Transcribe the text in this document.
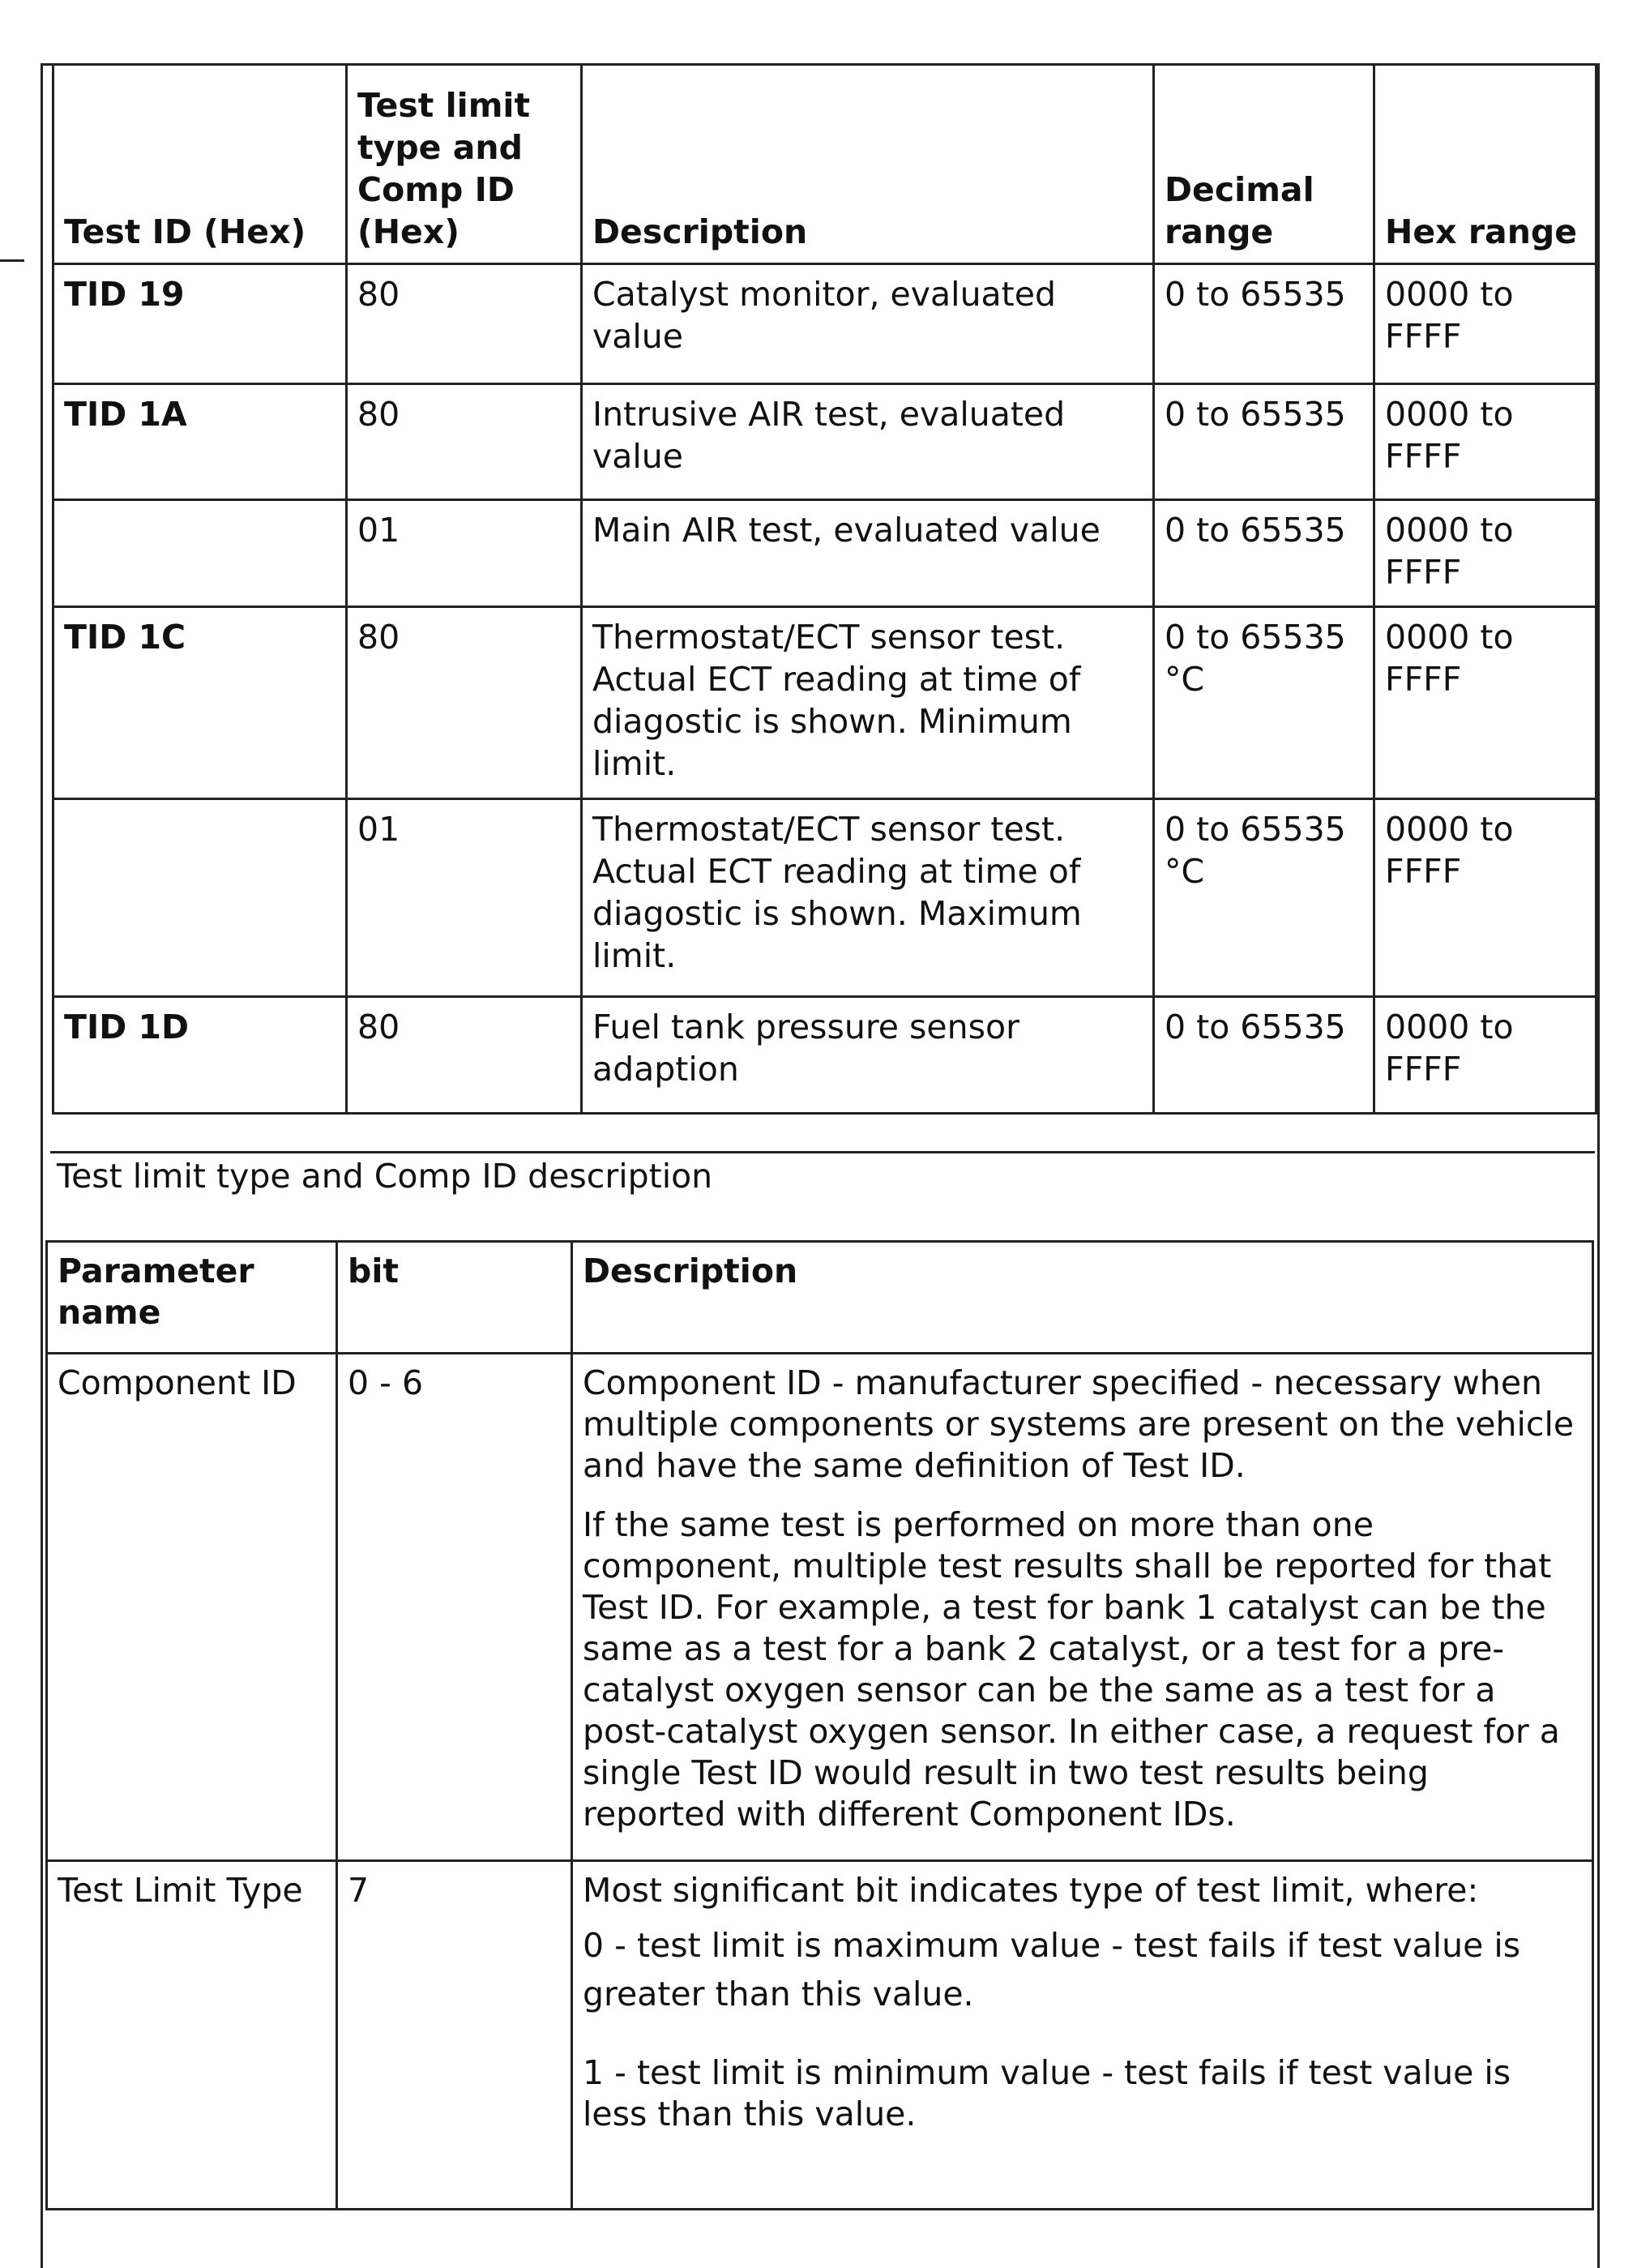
Test ID (Hex)	Test limit type and Comp ID (Hex)	Description	Decimal range	Hex range
TID 19	80	Catalyst monitor, evaluated value	0 to 65535	0000 to FFFF
TID 1A	80	Intrusive AIR test, evaluated value	0 to 65535	0000 to FFFF
	01	Main AIR test, evaluated value	0 to 65535	0000 to FFFF
TID 1C	80	Thermostat/ECT sensor test. Actual ECT reading at time of diagostic is shown. Minimum limit.	0 to 65535 °C	0000 to FFFF
	01	Thermostat/ECT sensor test. Actual ECT reading at time of diagostic is shown. Maximum limit.	0 to 65535 °C	0000 to FFFF
TID 1D	80	Fuel tank pressure sensor adaption	0 to 65535	0000 to FFFF
Test limit type and Comp ID description
Parameter name	bit	Description
Component ID	0 - 6	Component ID - manufacturer specified - necessary when multiple components or systems are present on the vehicle and have the same definition of Test ID.

If the same test is performed on more than one component, multiple test results shall be reported for that Test ID. For example, a test for bank 1 catalyst can be the same as a test for a bank 2 catalyst, or a test for a pre-catalyst oxygen sensor can be the same as a test for a post-catalyst oxygen sensor. In either case, a request for a single Test ID would result in two test results being reported with different Component IDs.

Test Limit Type	7	Most significant bit indicates type of test limit, where:

0 - test limit is maximum value - test fails if test value is greater than this value.

1 - test limit is minimum value - test fails if test value is less than this value.
